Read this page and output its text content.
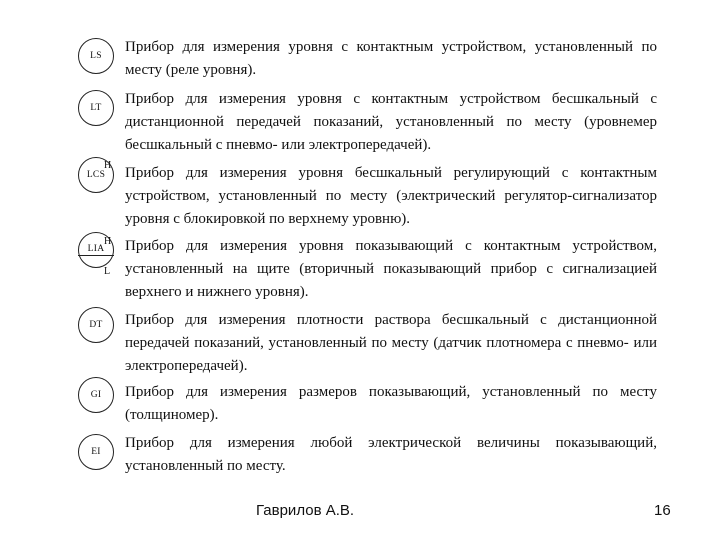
LS

Прибор для измерения уровня с контактным устройством, установленный по месту (реле уровня).

LT

Прибор для измерения уровня с контактным устройством бесшкальный с дистанционной передачей показаний, установленный по месту (уровнемер бесшкальный с пневмо- или электропередачей).

LCS
H Прибор для измерения уровня бесшкальный регулирующий с контактным устройством, установленный по месту (электрический регулятор-сигнализатор уровня с блокировкой по верхнему уровню).

LIA
H
L

Прибор для измерения уровня показывающий с контактным устройством, установленный на щите (вторичный показывающий прибор с сигнализацией верхнего и нижнего уровня).

DT Прибор для измерения плотности раствора бесшкальный с дистанционной передачей показаний, установленный по месту (датчик плотномера с пневмо- или электропередачей).

GI Прибор для измерения размеров показывающий, установленный по месту (толщиномер).

EI

Прибор для измерения любой электрической величины показывающий, установленный по месту.

Гаврилов А.В.	16
